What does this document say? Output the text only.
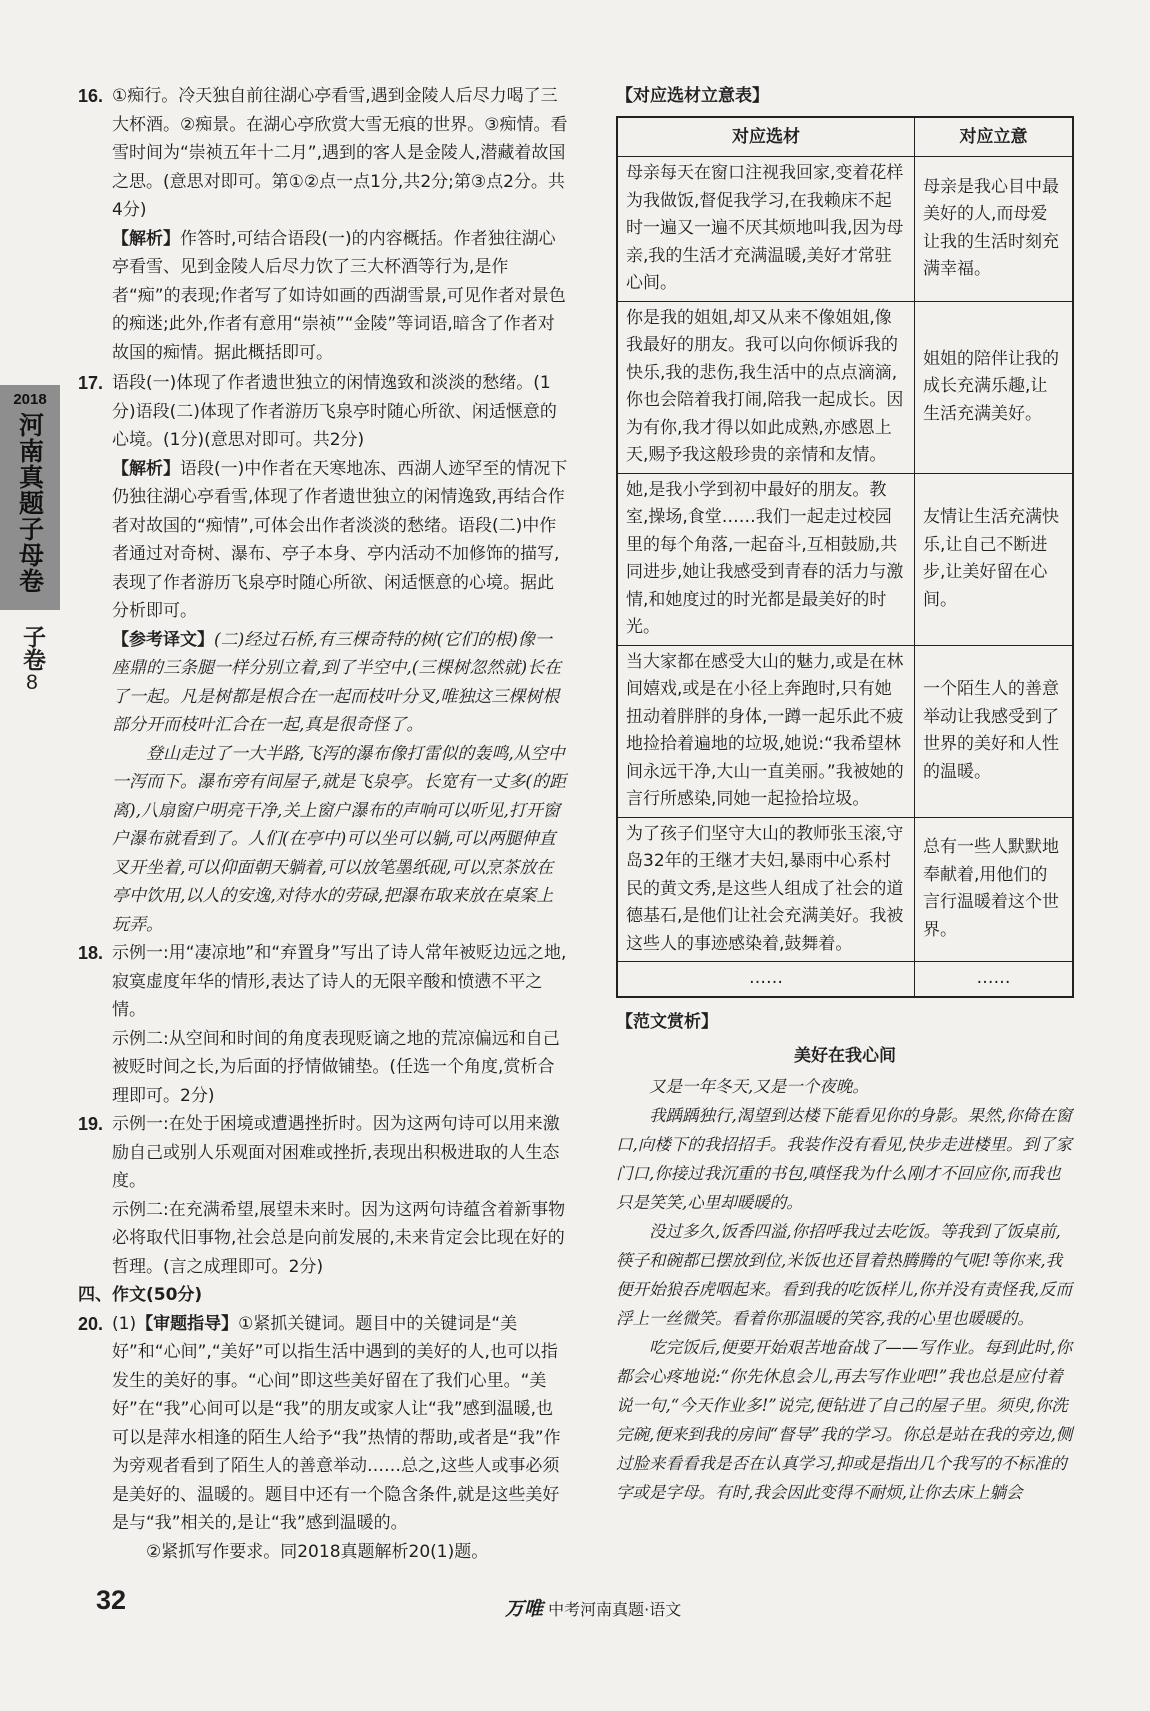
2018
河南真题子母卷
子卷
8
16. ①痴行。冷天独自前往湖心亭看雪,遇到金陵人后尽力喝了三大杯酒。②痴景。在湖心亭欣赏大雪无痕的世界。③痴情。看雪时间为“崇祯五年十二月”,遇到的客人是金陵人,潜藏着故国之思。(意思对即可。第①②点一点1分,共2分;第③点2分。共4分)

【解析】作答时,可结合语段(一)的内容概括。作者独往湖心亭看雪、见到金陵人后尽力饮了三大杯酒等行为,是作者“痴”的表现;作者写了如诗如画的西湖雪景,可见作者对景色的痴迷;此外,作者有意用“崇祯”“金陵”等词语,暗含了作者对故国的痴情。据此概括即可。

17. 语段(一)体现了作者遗世独立的闲情逸致和淡淡的愁绪。(1分)语段(二)体现了作者游历飞泉亭时随心所欲、闲适惬意的心境。(1分)(意思对即可。共2分)

【解析】语段(一)中作者在天寒地冻、西湖人迹罕至的情况下仍独往湖心亭看雪,体现了作者遗世独立的闲情逸致,再结合作者对故国的“痴情”,可体会出作者淡淡的愁绪。语段(二)中作者通过对奇树、瀑布、亭子本身、亭内活动不加修饰的描写,表现了作者游历飞泉亭时随心所欲、闲适惬意的心境。据此分析即可。

【参考译文】(二)经过石桥,有三棵奇特的树(它们的根)像一座鼎的三条腿一样分别立着,到了半空中,(三棵树忽然就)长在了一起。凡是树都是根合在一起而枝叶分叉,唯独这三棵树根部分开而枝叶汇合在一起,真是很奇怪了。

登山走过了一大半路,飞泻的瀑布像打雷似的轰鸣,从空中一泻而下。瀑布旁有间屋子,就是飞泉亭。长宽有一丈多(的距离),八扇窗户明亮干净,关上窗户瀑布的声响可以听见,打开窗户瀑布就看到了。人们(在亭中)可以坐可以躺,可以两腿伸直叉开坐着,可以仰面朝天躺着,可以放笔墨纸砚,可以烹茶放在亭中饮用,以人的安逸,对待水的劳碌,把瀑布取来放在桌案上玩弄。

18. 示例一:用“凄凉地”和“弃置身”写出了诗人常年被贬边远之地,寂寞虚度年华的情形,表达了诗人的无限辛酸和愤懑不平之情。

示例二:从空间和时间的角度表现贬谪之地的荒凉偏远和自己被贬时间之长,为后面的抒情做铺垫。(任选一个角度,赏析合理即可。2分)

19. 示例一:在处于困境或遭遇挫折时。因为这两句诗可以用来激励自己或别人乐观面对困难或挫折,表现出积极进取的人生态度。

示例二:在充满希望,展望未来时。因为这两句诗蕴含着新事物必将取代旧事物,社会总是向前发展的,未来肯定会比现在好的哲理。(言之成理即可。2分)

四、作文(50分)

20. (1)【审题指导】①紧抓关键词。题目中的关键词是“美好”和“心间”,“美好”可以指生活中遇到的美好的人,也可以指发生的美好的事。“心间”即这些美好留在了我们心里。“美好”在“我”心间可以是“我”的朋友或家人让“我”感到温暖,也可以是萍水相逢的陌生人给予“我”热情的帮助,或者是“我”作为旁观者看到了陌生人的善意举动……总之,这些人或事必须是美好的、温暖的。题目中还有一个隐含条件,就是这些美好是与“我”相关的,是让“我”感到温暖的。

②紧抓写作要求。同2018真题解析20(1)题。

【对应选材立意表】

对应选材	对应立意
母亲每天在窗口注视我回家,变着花样为我做饭,督促我学习,在我赖床不起时一遍又一遍不厌其烦地叫我,因为母亲,我的生活才充满温暖,美好才常驻心间。	母亲是我心目中最美好的人,而母爱让我的生活时刻充满幸福。
你是我的姐姐,却又从来不像姐姐,像我最好的朋友。我可以向你倾诉我的快乐,我的悲伤,我生活中的点点滴滴,你也会陪着我打闹,陪我一起成长。因为有你,我才得以如此成熟,亦感恩上天,赐予我这般珍贵的亲情和友情。	姐姐的陪伴让我的成长充满乐趣,让生活充满美好。
她,是我小学到初中最好的朋友。教室,操场,食堂……我们一起走过校园里的每个角落,一起奋斗,互相鼓励,共同进步,她让我感受到青春的活力与激情,和她度过的时光都是最美好的时光。	友情让生活充满快乐,让自己不断进步,让美好留在心间。
当大家都在感受大山的魅力,或是在林间嬉戏,或是在小径上奔跑时,只有她扭动着胖胖的身体,一蹲一起乐此不疲地捡拾着遍地的垃圾,她说:“我希望林间永远干净,大山一直美丽。”我被她的言行所感染,同她一起捡拾垃圾。	一个陌生人的善意举动让我感受到了世界的美好和人性的温暖。
为了孩子们坚守大山的教师张玉滚,守岛32年的王继才夫妇,暴雨中心系村民的黄文秀,是这些人组成了社会的道德基石,是他们让社会充满美好。我被这些人的事迹感染着,鼓舞着。	总有一些人默默地奉献着,用他们的言行温暖着这个世界。
……	……

【范文赏析】

美好在我心间

又是一年冬天,又是一个夜晚。

我踽踽独行,渴望到达楼下能看见你的身影。果然,你倚在窗口,向楼下的我招招手。我装作没有看见,快步走进楼里。到了家门口,你接过我沉重的书包,嗔怪我为什么刚才不回应你,而我也只是笑笑,心里却暖暖的。

没过多久,饭香四溢,你招呼我过去吃饭。等我到了饭桌前,筷子和碗都已摆放到位,米饭也还冒着热腾腾的气呢!等你来,我便开始狼吞虎咽起来。看到我的吃饭样儿,你并没有责怪我,反而浮上一丝微笑。看着你那温暖的笑容,我的心里也暖暖的。

吃完饭后,便要开始艰苦地奋战了——写作业。每到此时,你都会心疼地说:“你先休息会儿,再去写作业吧!”我也总是应付着说一句,“今天作业多!”说完,便钻进了自己的屋子里。须臾,你洗完碗,便来到我的房间“督导”我的学习。你总是站在我的旁边,侧过脸来看看我是否在认真学习,抑或是指出几个我写的不标准的字或是字母。有时,我会因此变得不耐烦,让你去床上躺会

32	万唯 中考河南真题·语文
